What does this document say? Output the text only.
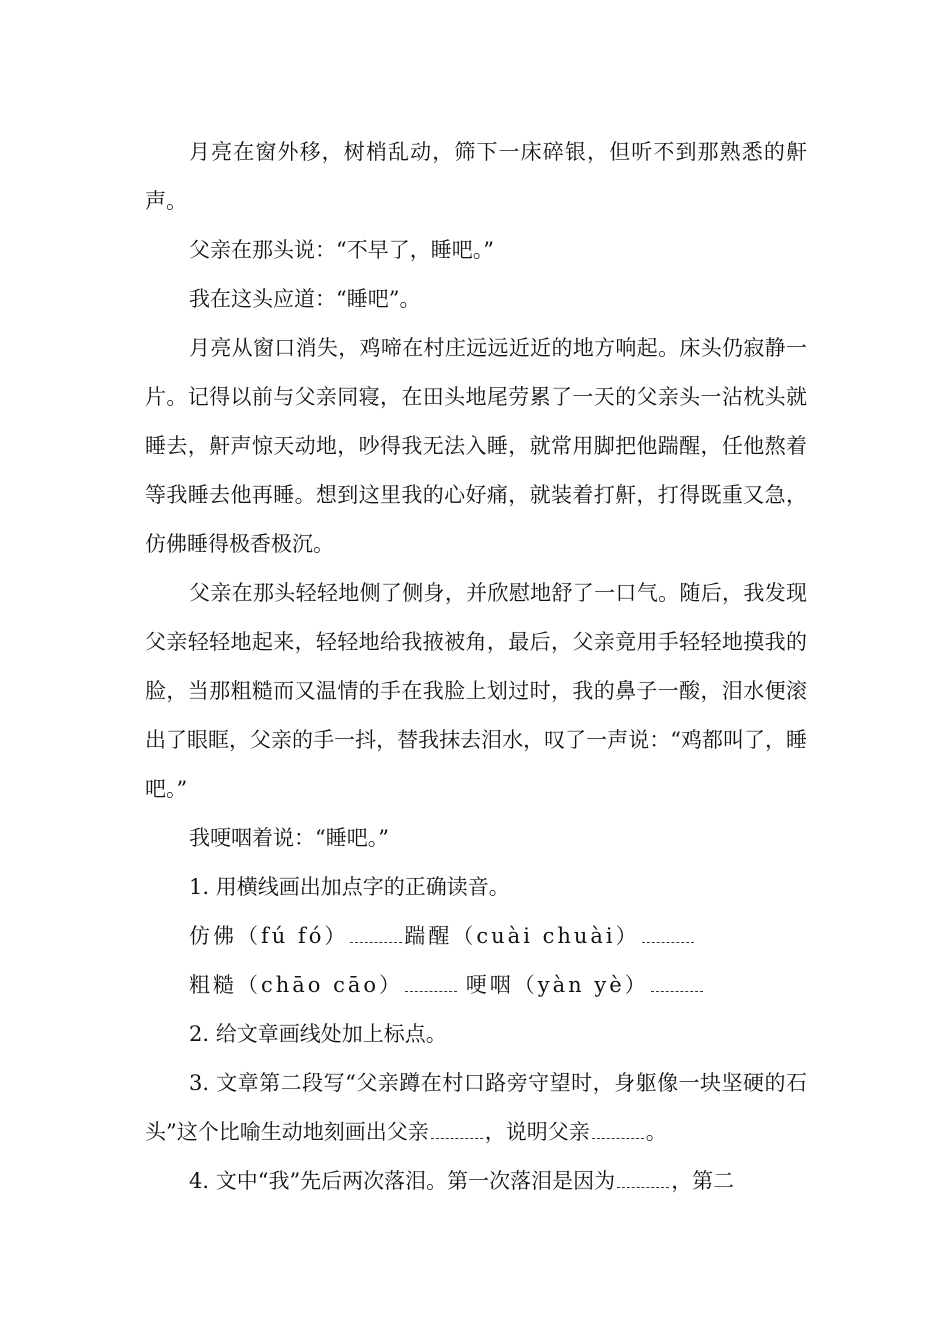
月亮在窗外移，树梢乱动，筛下一床碎银，但听不到那熟悉的鼾声。

父亲在那头说：“不早了，睡吧。”

我在这头应道：“睡吧”。

月亮从窗口消失，鸡啼在村庄远远近近的地方响起。床头仍寂静一片。记得以前与父亲同寝，在田头地尾劳累了一天的父亲头一沾枕头就睡去，鼾声惊天动地，吵得我无法入睡，就常用脚把他踹醒，任他熬着等我睡去他再睡。想到这里我的心好痛，就装着打鼾，打得既重又急，仿佛睡得极香极沉。

父亲在那头轻轻地侧了侧身，并欣慰地舒了一口气。随后，我发现父亲轻轻地起来，轻轻地给我掖被角，最后，父亲竟用手轻轻地摸我的脸，当那粗糙而又温情的手在我脸上划过时，我的鼻子一酸，泪水便滚出了眼眶，父亲的手一抖，替我抹去泪水，叹了一声说：“鸡都叫了，睡吧。”

我哽咽着说：“睡吧。”

1. 用横线画出加点字的正确读音。

仿佛（fú fó）	踹醒（cuài chuài）

粗糙（chāo cāo）	哽咽（yàn yè）

2. 给文章画线处加上标点。

3. 文章第二段写“父亲蹲在村口路旁守望时，身躯像一块坚硬的石头”这个比喻生动地刻画出父亲	，说明父亲	。

4. 文中“我”先后两次落泪。第一次落泪是因为	，第二
